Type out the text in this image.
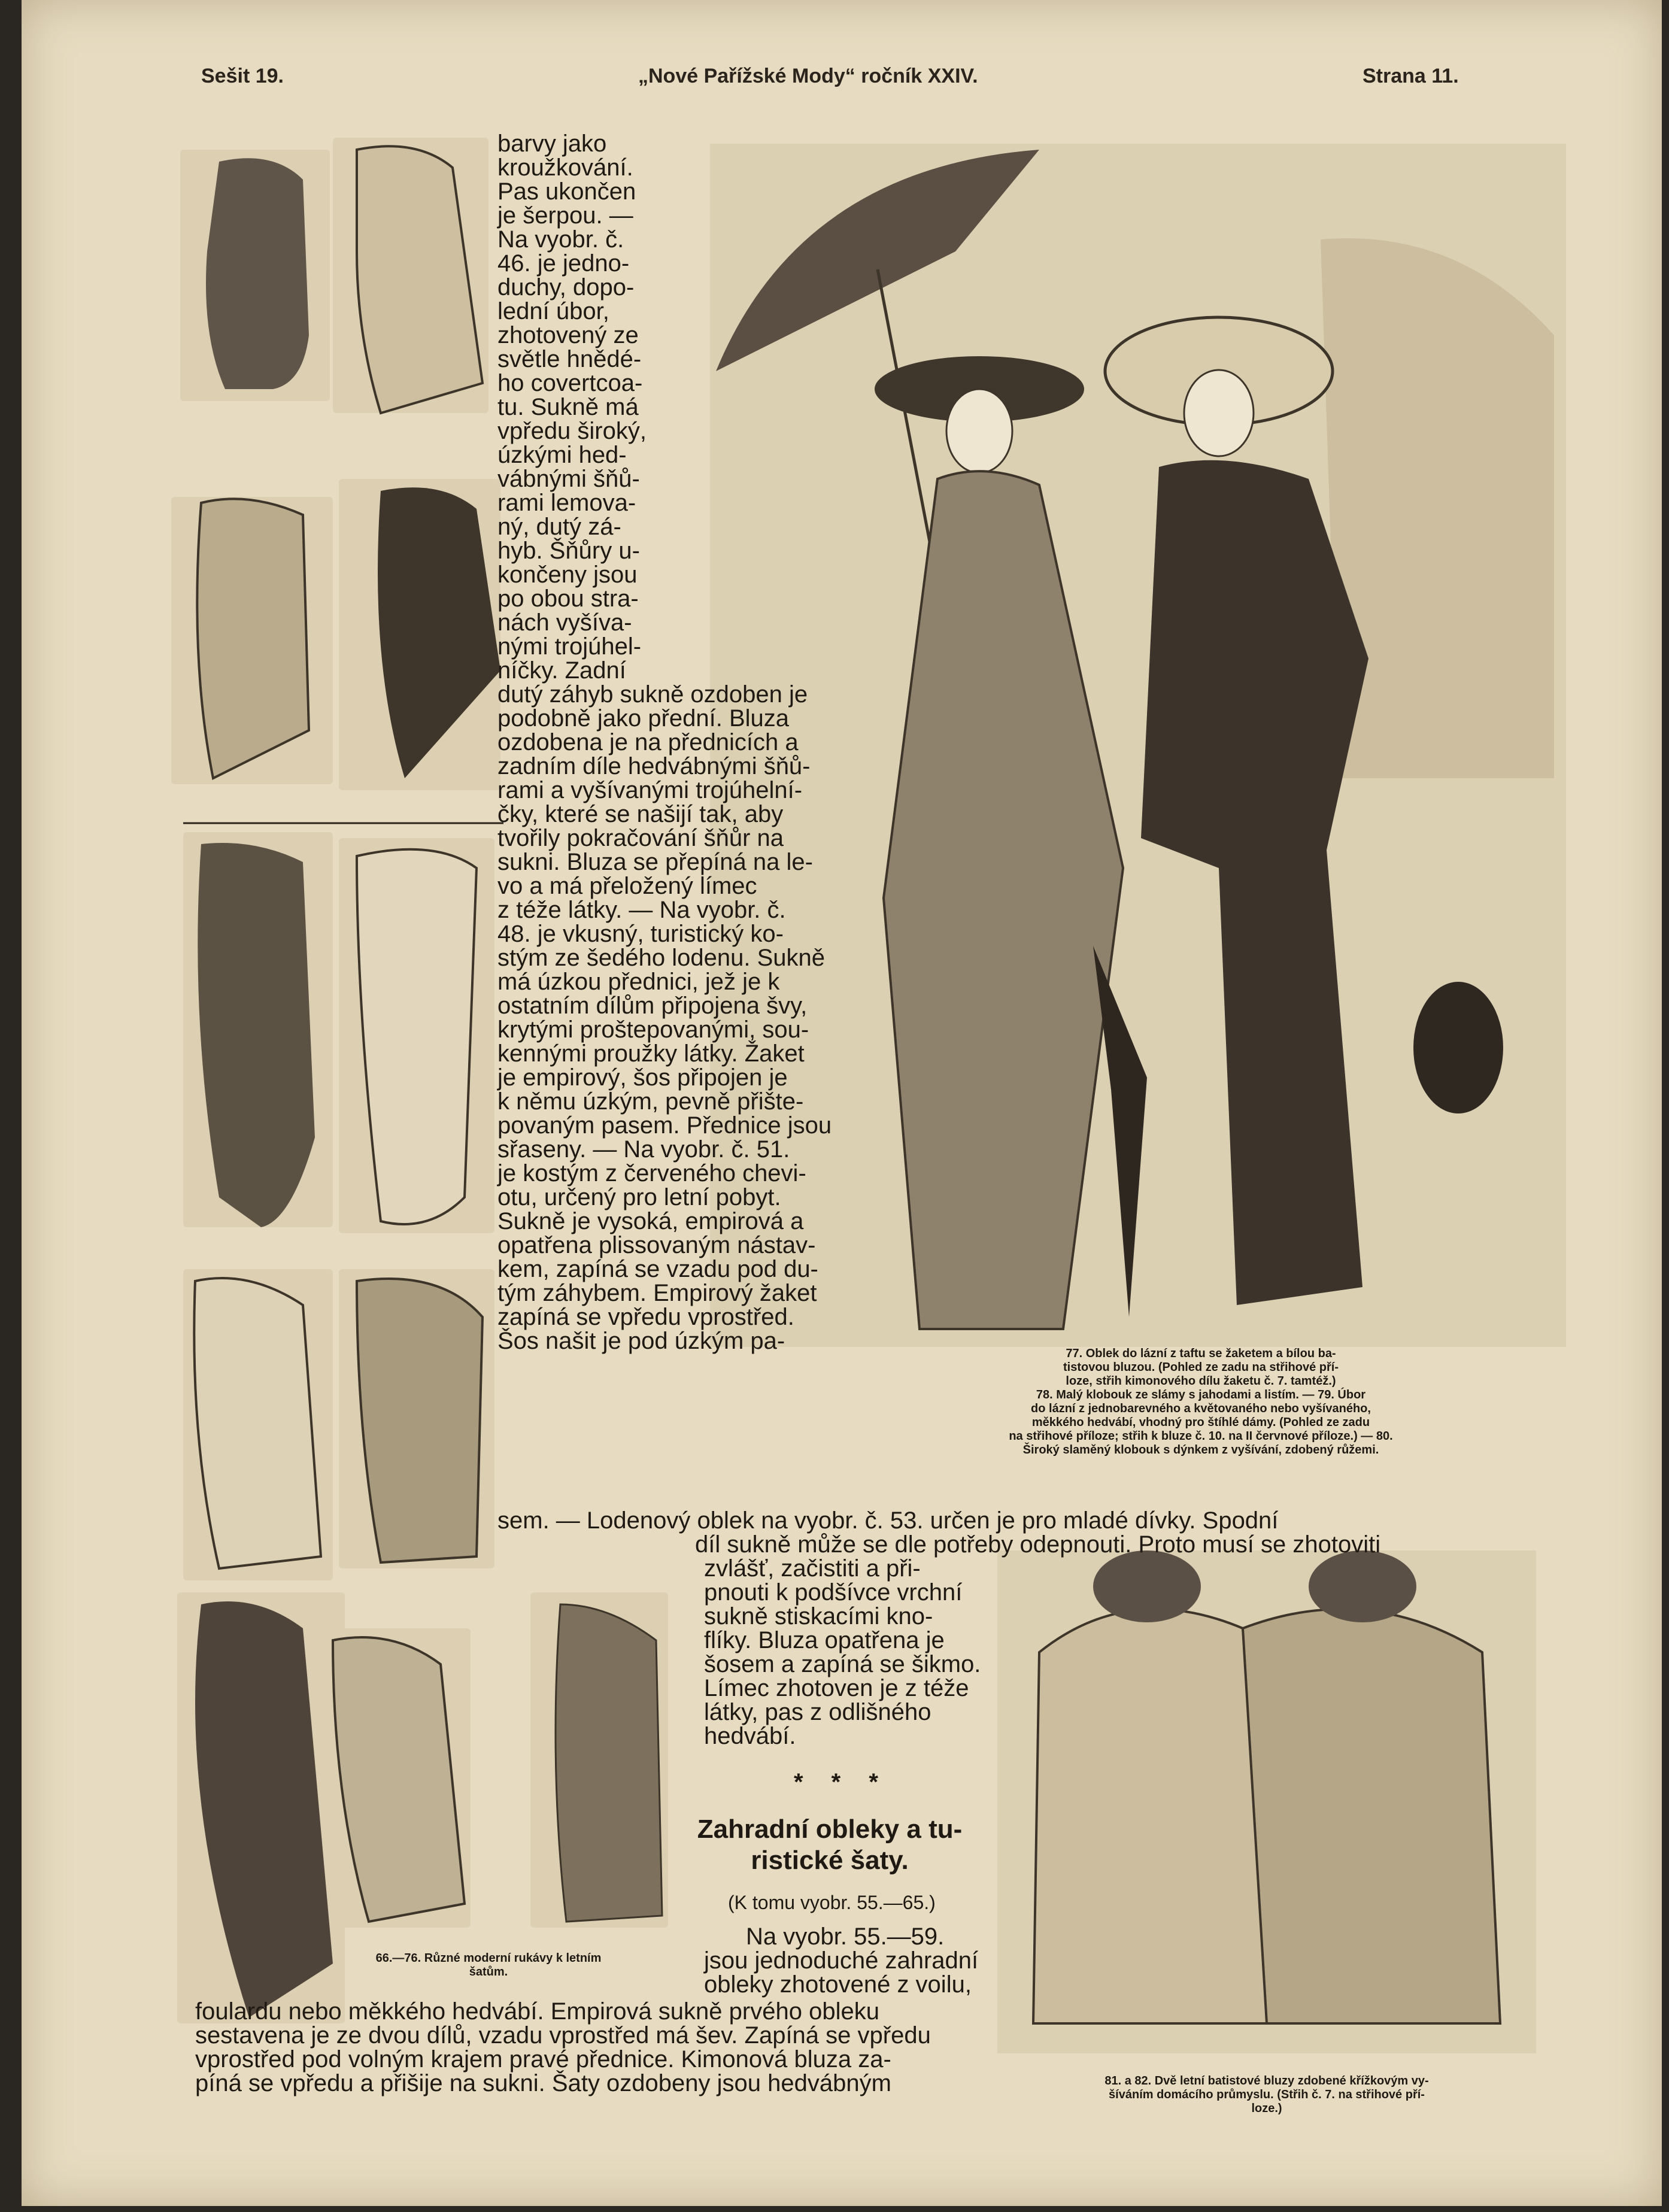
Sešit 19.	„Nové Pařížské Mody“ ročník XXIV.	Strana 11.
barvy jako
kroužkování.
Pas ukončen
je šerpou. —
Na vyobr. č.
46. je jedno-
duchy, dopo-
lední úbor,
zhotovený ze
světle hnědé-
ho covertcoa-
tu. Sukně má
vpředu široký,
úzkými hed-
vábnými šňů-
rami lemova-
ný, dutý zá-
hyb. Šňůry u-
končeny jsou
po obou stra-
nách vyšíva-
nými trojúhel-
níčky. Zadní
dutý záhyb sukně ozdoben je
podobně jako přední. Bluza
ozdobena je na přednicích a
zadním díle hedvábnými šňů-
rami a vyšívanými trojúhelní-
čky, které se našijí tak, aby
tvořily pokračování šňůr na
sukni. Bluza se přepíná na le-
vo a má přeložený límec
z téže látky. — Na vyobr. č.
48. je vkusný, turistický ko-
stým ze šedého lodenu. Sukně
má úzkou přednici, jež je k
ostatním dílům připojena švy,
krytými proštepovanými, sou-
kennými proužky látky. Žaket
je empirový, šos připojen je
k němu úzkým, pevně přište-
povaným pasem. Přednice jsou
sřaseny. — Na vyobr. č. 51.
je kostým z červeného chevi-
otu, určený pro letní pobyt.
Sukně je vysoká, empirová a
opatřena plissovaným nástav-
kem, zapíná se vzadu pod du-
tým záhybem. Empirový žaket
zapíná se vpředu vprostřed.
Šos našit je pod úzkým pa-	77. Oblek do lázní z taftu se žaketem a bílou ba-
tistovou bluzou. (Pohled ze zadu na střihové pří-
loze, střih kimonového dílu žaketu č. 7. tamtéž.)
78. Malý klobouk ze slámy s jahodami a listím. — 79. Úbor
do lázní z jednobarevného a květovaného nebo vyšívaného,
měkkého hedvábí, vhodný pro štíhlé dámy. (Pohled ze zadu
na střihové příloze; střih k bluze č. 10. na II červnové příloze.) — 80.
Široký slaměný klobouk s dýnkem z vyšívání, zdobený růžemi.
sem. — Lodenový oblek na vyobr. č. 53. určen je pro mladé dívky. Spodní
díl sukně může se dle potřeby odepnouti. Proto musí se zhotoviti
zvlášť, začistiti a při-
pnouti k podšívce vrchní
sukně stiskacími kno-
flíky. Bluza opatřena je
šosem a zapíná se šikmo.
Límec zhotoven je z téže
látky, pas z odlišného
hedvábí.
* * *
Zahradní obleky a tu-
ristické šaty.
(K tomu vyobr. 55.—65.)
Na vyobr. 55.—59.
jsou jednoduché zahradní
obleky zhotovené z voilu,
66.—76. Různé moderní rukávy k letním
šatům.
foulardu nebo měkkého hedvábí. Empirová sukně prvého obleku
sestavena je ze dvou dílů, vzadu vprostřed má šev. Zapíná se vpředu
vprostřed pod volným krajem pravé přednice. Kimonová bluza za-
píná se vpředu a přišije na sukni. Šaty ozdobeny jsou hedvábným	81. a 82. Dvě letní batistové bluzy zdobené křížkovým vy-
šíváním domácího průmyslu. (Střih č. 7. na střihové pří-
loze.)
